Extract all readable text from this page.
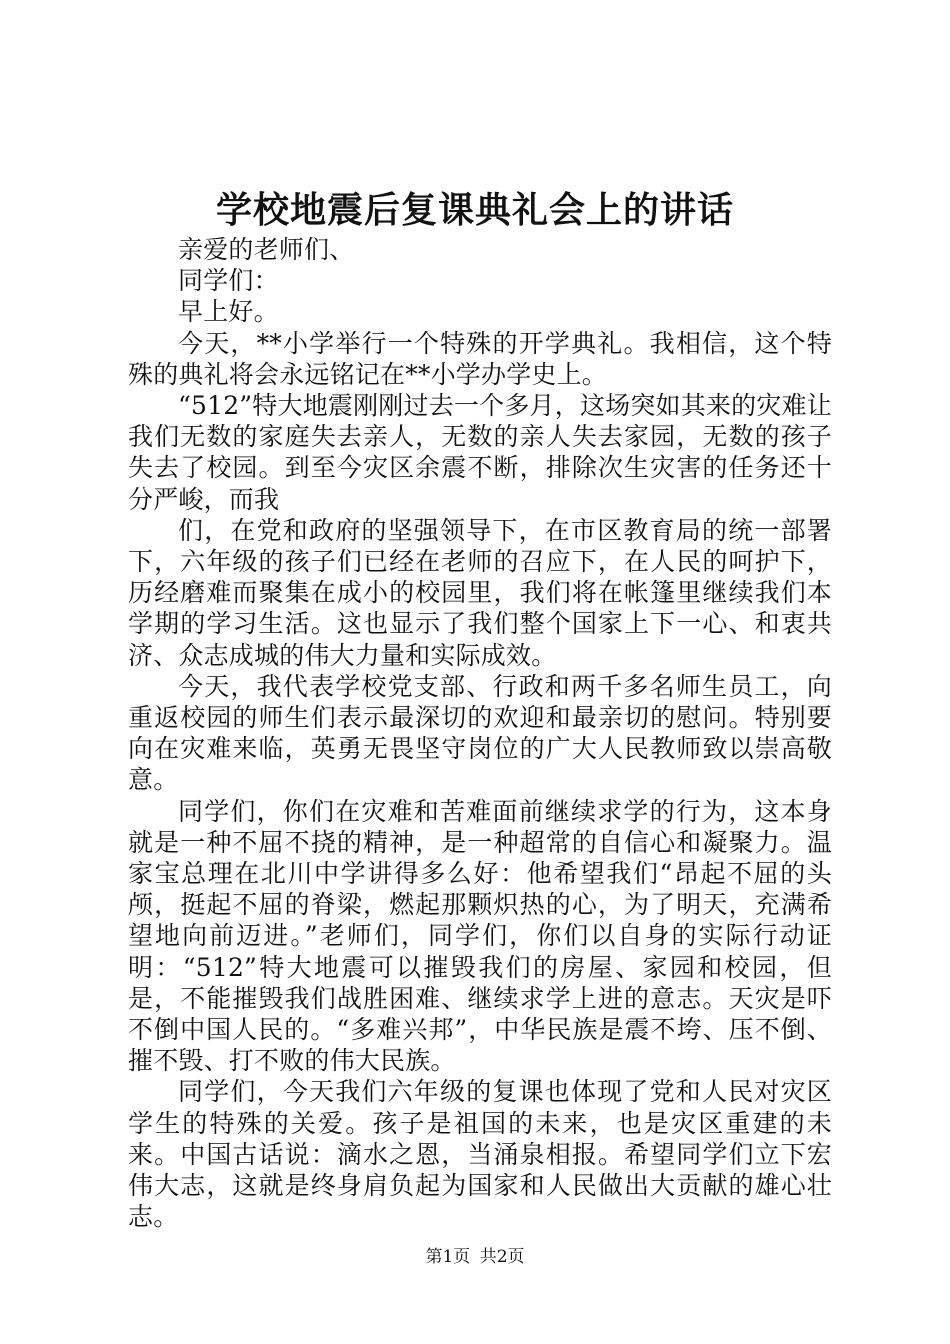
学校地震后复课典礼会上的讲话

亲爱的老师们、

同学们：

早上好。

今天，**小学举行一个特殊的开学典礼。我相信，这个特殊的典礼将会永远铭记在**小学办学史上。

“512”特大地震刚刚过去一个多月，这场突如其来的灾难让我们无数的家庭失去亲人，无数的亲人失去家园，无数的孩子失去了校园。到至今灾区余震不断，排除次生灾害的任务还十分严峻，而我

们，在党和政府的坚强领导下，在市区教育局的统一部署下，六年级的孩子们已经在老师的召应下，在人民的呵护下，历经磨难而聚集在成小的校园里，我们将在帐篷里继续我们本学期的学习生活。这也显示了我们整个国家上下一心、和衷共济、众志成城的伟大力量和实际成效。

今天，我代表学校党支部、行政和两千多名师生员工，向重返校园的师生们表示最深切的欢迎和最亲切的慰问。特别要向在灾难来临，英勇无畏坚守岗位的广大人民教师致以崇高敬意。

同学们，你们在灾难和苦难面前继续求学的行为，这本身就是一种不屈不挠的精神，是一种超常的自信心和凝聚力。温家宝总理在北川中学讲得多么好：他希望我们“昂起不屈的头颅，挺起不屈的脊梁，燃起那颗炽热的心，为了明天，充满希望地向前迈进。”老师们，同学们，你们以自身的实际行动证明：“512”特大地震可以摧毁我们的房屋、家园和校园，但是，不能摧毁我们战胜困难、继续求学上进的意志。天灾是吓不倒中国人民的。“多难兴邦”，中华民族是震不垮、压不倒、摧不毁、打不败的伟大民族。

同学们，今天我们六年级的复课也体现了党和人民对灾区学生的特殊的关爱。孩子是祖国的未来，也是灾区重建的未来。中国古话说：滴水之恩，当涌泉相报。希望同学们立下宏伟大志，这就是终身肩负起为国家和人民做出大贡献的雄心壮志。

第1页 共2页
